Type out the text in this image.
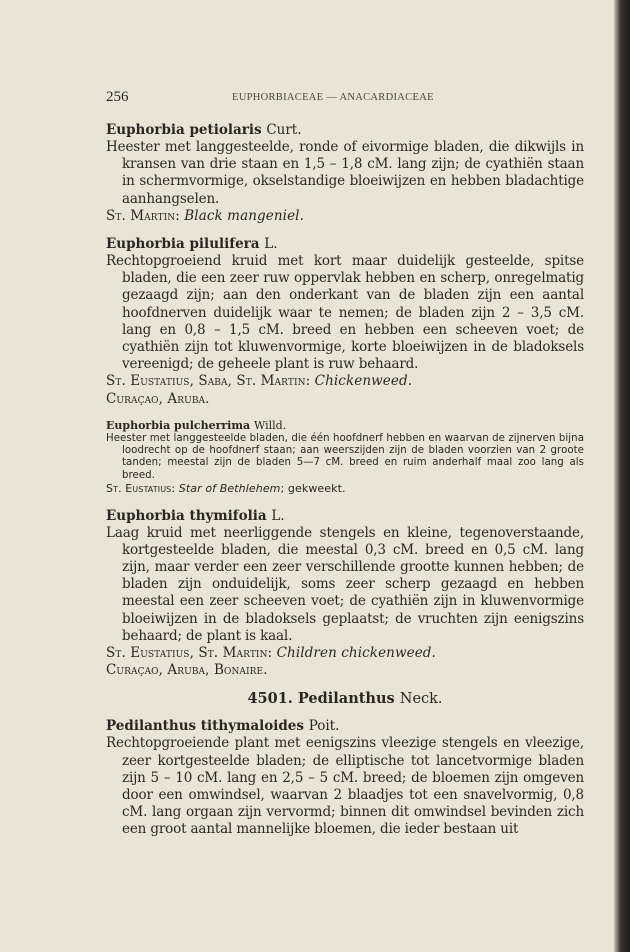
256	EUPHORBIACEAE — ANACARDIACEAE

Euphorbia petiolaris Curt.

Heester met langgesteelde, ronde of eivormige bladen, die dikwijls in kransen van drie staan en 1,5 – 1,8 cM. lang zijn; de cyathiën staan in schermvormige, okselstandige bloeiwijzen en hebben bladachtige aanhangselen.

St. Martin: Black mangeniel.

Euphorbia pilulifera L.

Rechtopgroeiend kruid met kort maar duidelijk gesteelde, spitse bladen, die een zeer ruw oppervlak hebben en scherp, onregelmatig gezaagd zijn; aan den onderkant van de bladen zijn een aantal hoofdnerven duidelijk waar te nemen; de bladen zijn 2 – 3,5 cM. lang en 0,8 – 1,5 cM. breed en hebben een scheeven voet; de cyathiën zijn tot kluwenvormige, korte bloeiwijzen in de bladoksels vereenigd; de geheele plant is ruw behaard.

St. Eustatius, Saba, St. Martin: Chickenweed.

Curaçao, Aruba.

Euphorbia pulcherrima Willd.

Heester met langgesteelde bladen, die één hoofdnerf hebben en waarvan de zijnerven bijna loodrecht op de hoofdnerf staan; aan weerszijden zijn de bladen voorzien van 2 groote tanden; meestal zijn de bladen 5—7 cM. breed en ruim anderhalf maal zoo lang als breed.

St. Eustatius: Star of Bethlehem; gekweekt.

Euphorbia thymifolia L.

Laag kruid met neerliggende stengels en kleine, tegenoverstaande, kortgesteelde bladen, die meestal 0,3 cM. breed en 0,5 cM. lang zijn, maar verder een zeer verschillende grootte kunnen hebben; de bladen zijn onduidelijk, soms zeer scherp gezaagd en hebben meestal een zeer scheeven voet; de cyathiën zijn in kluwenvormige bloeiwijzen in de bladoksels geplaatst; de vruchten zijn eenigszins behaard; de plant is kaal.

St. Eustatius, St. Martin: Children chickenweed.

Curaçao, Aruba, Bonaire.

4501. Pedilanthus Neck.

Pedilanthus tithymaloides Poit.

Rechtopgroeiende plant met eenigszins vleezige stengels en vleezige, zeer kortgesteelde bladen; de elliptische tot lancetvormige bladen zijn 5 – 10 cM. lang en 2,5 – 5 cM. breed; de bloemen zijn omgeven door een omwindsel, waarvan 2 blaadjes tot een snavelvormig, 0,8 cM. lang orgaan zijn vervormd; binnen dit omwindsel bevinden zich een groot aantal mannelijke bloemen, die ieder bestaan uit
